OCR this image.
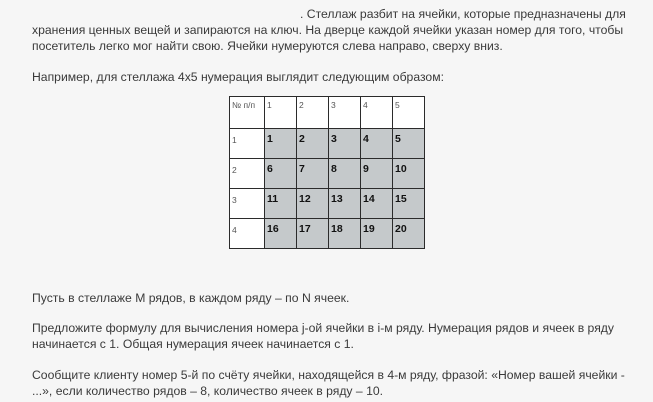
. Стеллаж разбит на ячейки, которые предназначены для

хранения ценных вещей и запираются на ключ. На дверце каждой ячейки указан номер для того, чтобы

посетитель легко мог найти свою. Ячейки нумеруются слева направо, сверху вниз.

Например, для стеллажа 4х5 нумерация выглядит следующим образом:

№ п/п	1	2	3	4	5
1	1	2	3	4	5
2	6	7	8	9	10
3	11	12	13	14	15
4	16	17	18	19	20

Пусть в стеллаже M рядов, в каждом ряду – по N ячеек.

Предложите формулу для вычисления номера j-ой ячейки в i-м ряду. Нумерация рядов и ячеек в ряду

начинается с 1. Общая нумерация ячеек начинается с 1.

Сообщите клиенту номер 5-й по счёту ячейки, находящейся в 4-м ряду, фразой: «Номер вашей ячейки -

...», если количество рядов – 8, количество ячеек в ряду – 10.
